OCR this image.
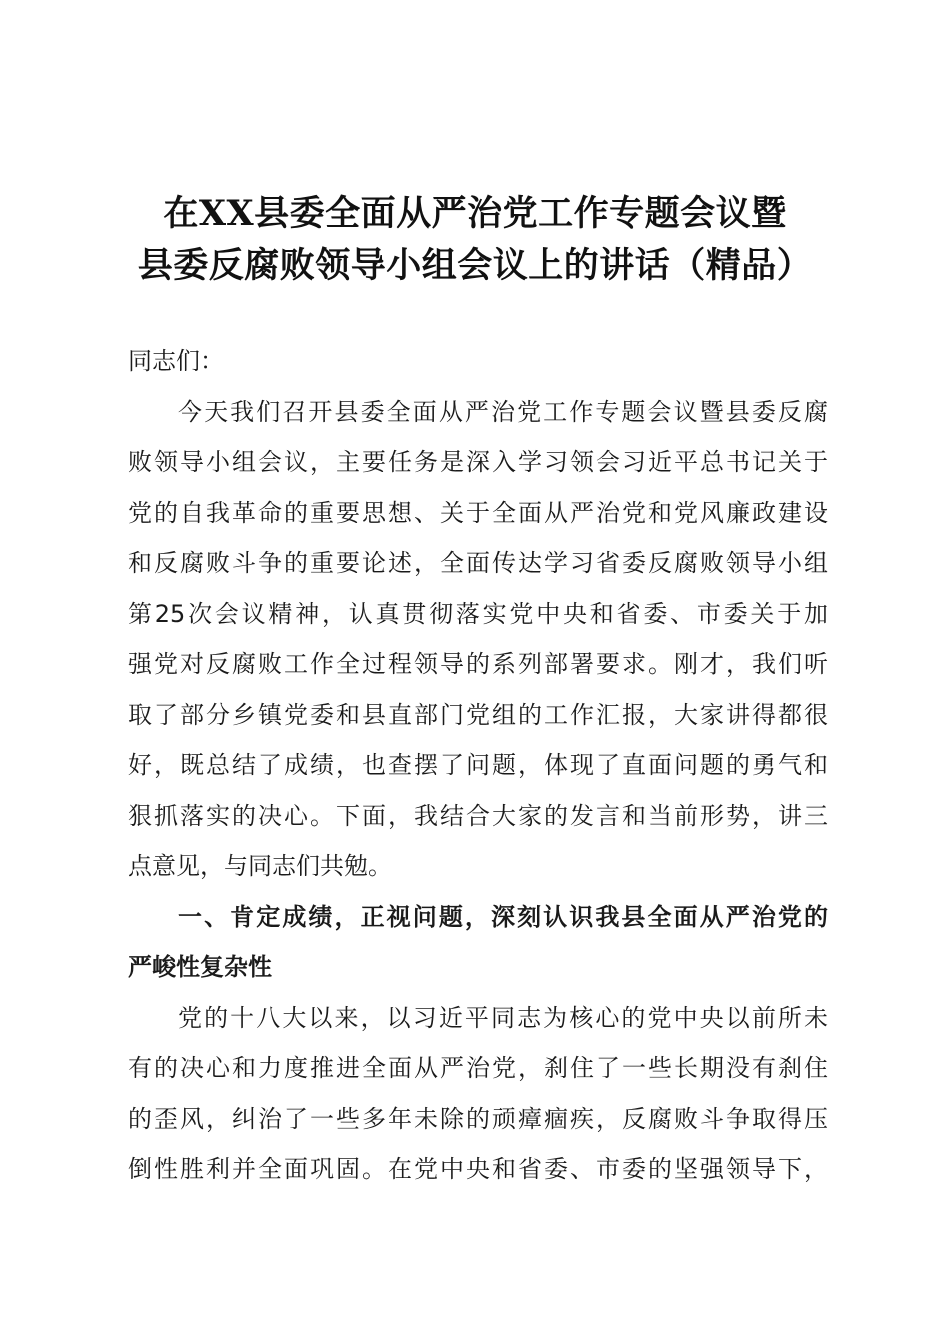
在XX县委全面从严治党工作专题会议暨
县委反腐败领导小组会议上的讲话（精品）
同志们：
今天我们召开县委全面从严治党工作专题会议暨县委反腐
败领导小组会议，主要任务是深入学习领会习近平总书记关于
党的自我革命的重要思想、关于全面从严治党和党风廉政建设
和反腐败斗争的重要论述，全面传达学习省委反腐败领导小组
第25次会议精神，认真贯彻落实党中央和省委、市委关于加
强党对反腐败工作全过程领导的系列部署要求。刚才，我们听
取了部分乡镇党委和县直部门党组的工作汇报，大家讲得都很
好，既总结了成绩，也查摆了问题，体现了直面问题的勇气和
狠抓落实的决心。下面，我结合大家的发言和当前形势，讲三
点意见，与同志们共勉。
一、肯定成绩，正视问题，深刻认识我县全面从严治党的
严峻性复杂性
党的十八大以来，以习近平同志为核心的党中央以前所未
有的决心和力度推进全面从严治党，刹住了一些长期没有刹住
的歪风，纠治了一些多年未除的顽瘴痼疾，反腐败斗争取得压
倒性胜利并全面巩固。在党中央和省委、市委的坚强领导下，
